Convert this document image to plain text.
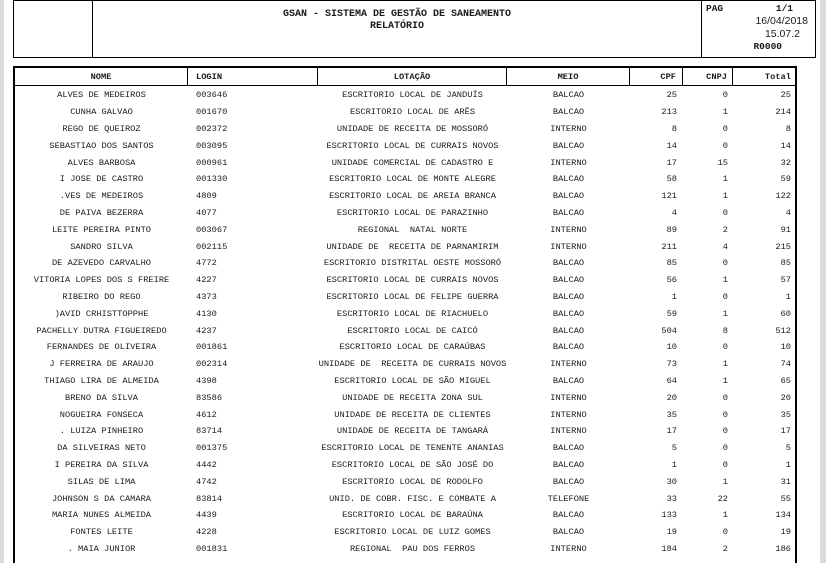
GSAN - SISTEMA DE GESTÃO DE SANEAMENTO
RELATÓRIO
PAG	1/1
16/04/2018
15.07.2
R0000
NOME	LOGIN	LOTAÇÃO	MEIO	CPF	CNPJ	Total
ALVES DE MEDEIROS	003646	ESCRITORIO LOCAL DE JANDUÍS	BALCAO	25	0	25
CUNHA GALVAO	001670	ESCRITORIO LOCAL DE ARÊS	BALCAO	213	1	214
REGO DE QUEIROZ	002372	UNIDADE DE RECEITA DE MOSSORÓ	INTERNO	8	0	8
SEBASTIAO DOS SANTOS	003095	ESCRITORIO LOCAL DE CURRAIS NOVOS	BALCAO	14	0	14
ALVES BARBOSA	000961	UNIDADE COMERCIAL DE CADASTRO E	INTERNO	17	15	32
I JOSE DE CASTRO	001330	ESCRITORIO LOCAL DE MONTE ALEGRE	BALCAO	58	1	59
.VES DE MEDEIROS	4809	ESCRITORIO LOCAL DE AREIA BRANCA	BALCAO	121	1	122
DE PAIVA BEZERRA	4077	ESCRITORIO LOCAL DE PARAZINHO	BALCAO	4	0	4
LEITE PEREIRA PINTO	003067	REGIONAL  NATAL NORTE	INTERNO	89	2	91
SANDRO SILVA	002115	UNIDADE DE  RECEITA DE PARNAMIRIM	INTERNO	211	4	215
DE AZEVEDO CARVALHO	4772	ESCRITORIO DISTRITAL OESTE MOSSORÓ	BALCAO	85	0	85
VITORIA LOPES DOS S FREIRE	4227	ESCRITORIO LOCAL DE CURRAIS NOVOS	BALCAO	56	1	57
RIBEIRO DO REGO	4373	ESCRITORIO LOCAL DE FELIPE GUERRA	BALCAO	1	0	1
)AVID CRHISTTOPPHE	4130	ESCRITORIO LOCAL DE RIACHUELO	BALCAO	59	1	60
PACHELLY DUTRA FIGUEIREDO	4237	ESCRITORIO LOCAL DE CAICÓ	BALCAO	504	8	512
FERNANDES DE OLIVEIRA	001861	ESCRITORIO LOCAL DE CARAÚBAS	BALCAO	10	0	10
J FERREIRA DE ARAUJO	002314	UNIDADE DE  RECEITA DE CURRAIS NOVOS	INTERNO	73	1	74
THIAGO LIRA DE ALMEIDA	4398	ESCRITORIO LOCAL DE SÃO MIGUEL	BALCAO	64	1	65
BRENO DA SILVA	83586	UNIDADE DE RECEITA ZONA SUL	INTERNO	20	0	20
NOGUEIRA FONSECA	4612	UNIDADE DE RECEITA DE CLIENTES	INTERNO	35	0	35
. LUIZA PINHEIRO	83714	UNIDADE DE RECEITA DE TANGARÁ	INTERNO	17	0	17
DA SILVEIRAS NETO	001375	ESCRITORIO LOCAL DE TENENTE ANANIAS	BALCAO	5	0	5
I PEREIRA DA SILVA	4442	ESCRITORIO LOCAL DE SÃO JOSÉ DO	BALCAO	1	0	1
SILAS DE LIMA	4742	ESCRITORIO LOCAL DE RODOLFO	BALCAO	30	1	31
JOHNSON S DA CAMARA	83814	UNID. DE COBR. FISC. E COMBATE A	TELEFONE	33	22	55
MARIA NUNES ALMEIDA	4439	ESCRITORIO LOCAL DE BARAÚNA	BALCAO	133	1	134
FONTES LEITE	4228	ESCRITORIO LOCAL DE LUIZ GOMES	BALCAO	19	0	19
. MAIA JUNIOR	001831	REGIONAL  PAU DOS FERROS	INTERNO	184	2	186
